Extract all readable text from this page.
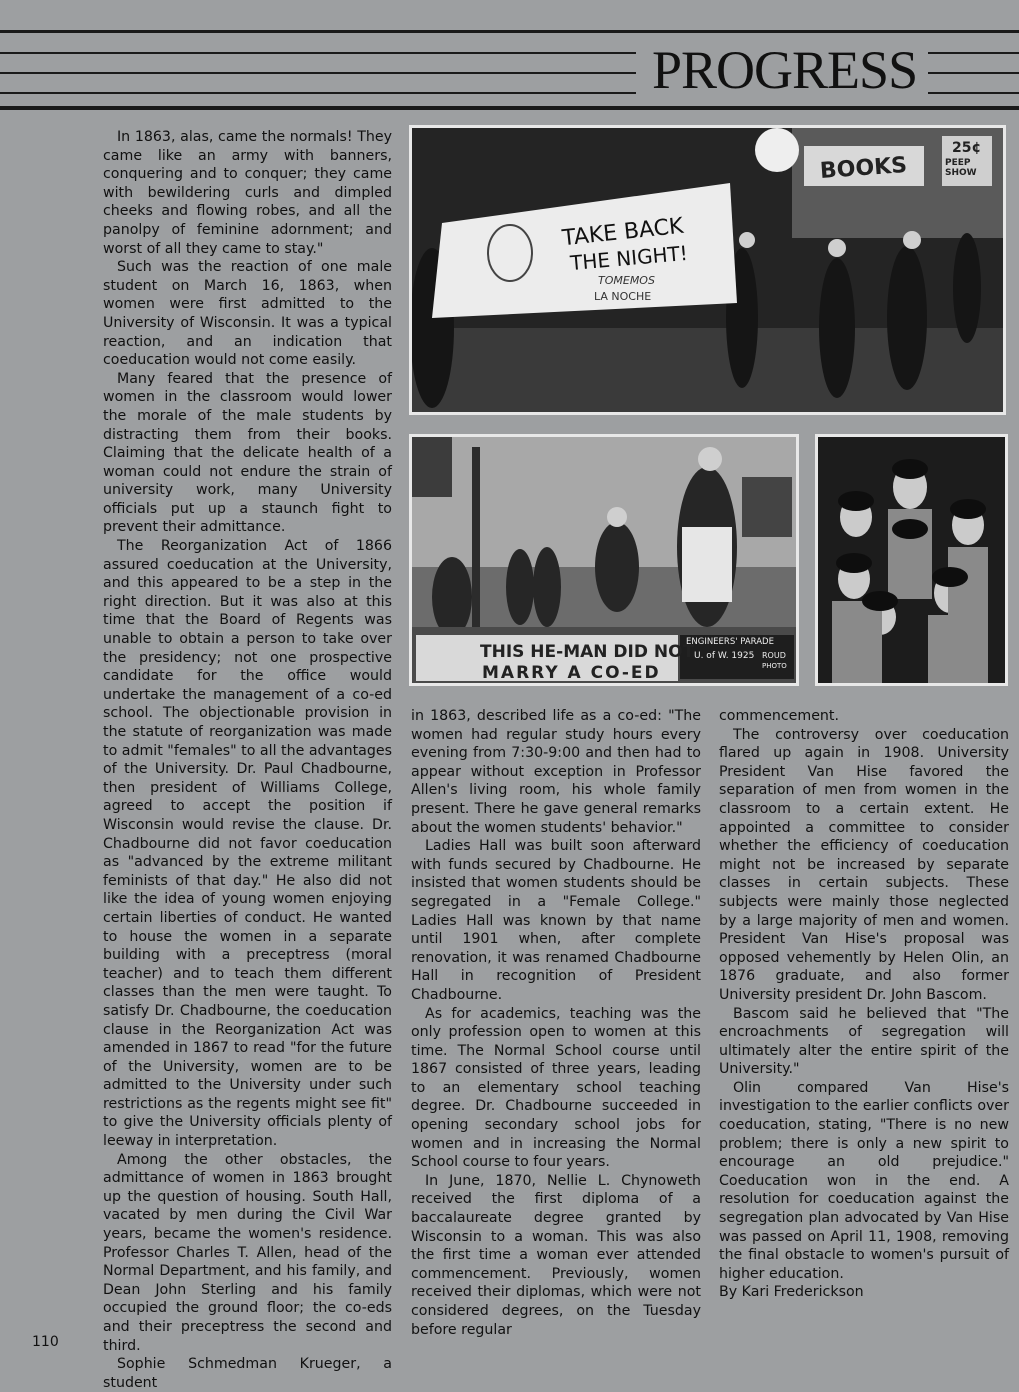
PROGRESS
BOOKS
25¢
PEEP SHOW
TAKE BACK
THE NIGHT!
TOMEMOS
LA NOCHE
THIS HE-MAN DID NOT
MARRY A CO-ED
ENGINEERS' PARADE
U. of W. 1925 ROUD
PHOTO

In 1863, alas, came the normals! They came like an army with banners, conquering and to conquer; they came with bewildering curls and dimpled cheeks and flowing robes, and all the panolpy of feminine adornment; and worst of all they came to stay."

Such was the reaction of one male student on March 16, 1863, when women were first admitted to the University of Wisconsin. It was a typical reaction, and an indication that coeducation would not come easily.

Many feared that the presence of women in the classroom would lower the morale of the male students by distracting them from their books. Claiming that the delicate health of a woman could not endure the strain of university work, many University officials put up a staunch fight to prevent their admittance.

The Reorganization Act of 1866 assured coeducation at the University, and this appeared to be a step in the right direction. But it was also at this time that the Board of Regents was unable to obtain a person to take over the presidency; not one prospective candidate for the office would undertake the management of a co-ed school. The objectionable provision in the statute of reorganization was made to admit "females" to all the advantages of the University. Dr. Paul Chadbourne, then president of Williams College, agreed to accept the position if Wisconsin would revise the clause. Dr. Chadbourne did not favor coeducation as "advanced by the extreme militant feminists of that day." He also did not like the idea of young women enjoying certain liberties of conduct. He wanted to house the women in a separate building with a preceptress (moral teacher) and to teach them different classes than the men were taught. To satisfy Dr. Chadbourne, the coeducation clause in the Reorganization Act was amended in 1867 to read "for the future of the University, women are to be admitted to the University under such restrictions as the regents might see fit" to give the University officials plenty of leeway in interpretation.

Among the other obstacles, the admittance of women in 1863 brought up the question of housing. South Hall, vacated by men during the Civil War years, became the women's residence. Professor Charles T. Allen, head of the Normal Department, and his family, and Dean John Sterling and his family occupied the ground floor; the co-eds and their preceptress the second and third.

Sophie Schmedman Krueger, a student

in 1863, described life as a co-ed: "The women had regular study hours every evening from 7:30-9:00 and then had to appear without exception in Professor Allen's living room, his whole family present. There he gave general remarks about the women students' behavior."

Ladies Hall was built soon afterward with funds secured by Chadbourne. He insisted that women students should be segregated in a "Female College." Ladies Hall was known by that name until 1901 when, after complete renovation, it was renamed Chadbourne Hall in recognition of President Chadbourne.

As for academics, teaching was the only profession open to women at this time. The Normal School course until 1867 consisted of three years, leading to an elementary school teaching degree. Dr. Chadbourne succeeded in opening secondary school jobs for women and in increasing the Normal School course to four years.

In June, 1870, Nellie L. Chynoweth received the first diploma of a baccalaureate degree granted by Wisconsin to a woman. This was also the first time a woman ever attended commencement. Previously, women received their diplomas, which were not considered degrees, on the Tuesday before regular

commencement.

The controversy over coeducation flared up again in 1908. University President Van Hise favored the separation of men from women in the classroom to a certain extent. He appointed a committee to consider whether the efficiency of coeducation might not be increased by separate classes in certain subjects. These subjects were mainly those neglected by a large majority of men and women. President Van Hise's proposal was opposed vehemently by Helen Olin, an 1876 graduate, and also former University president Dr. John Bascom.

Bascom said he believed that "The encroachments of segregation will ultimately alter the entire spirit of the University."

Olin compared Van Hise's investigation to the earlier conflicts over coeducation, stating, "There is no new problem; there is only a new spirit to encourage an old prejudice." Coeducation won in the end. A resolution for coeducation against the segregation plan advocated by Van Hise was passed on April 11, 1908, removing the final obstacle to women's pursuit of higher education.

By Kari Frederickson

110
